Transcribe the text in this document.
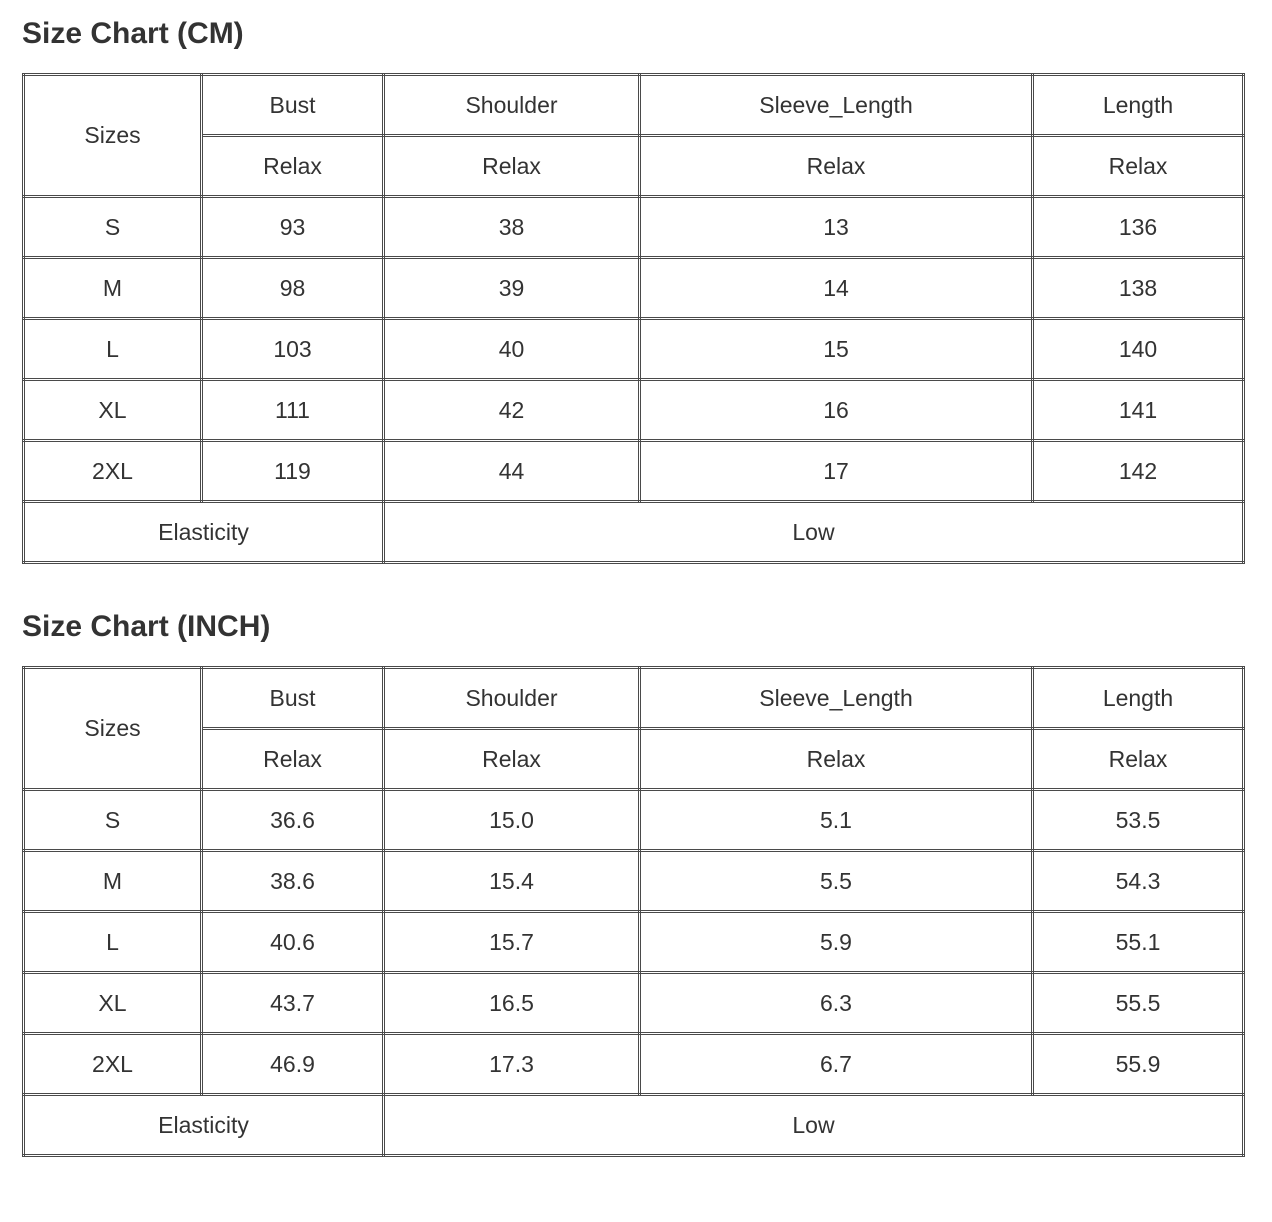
Size Chart (CM)
Sizes	Bust	Shoulder	Sleeve_Length	Length
	Relax	Relax	Relax	Relax
S	93	38	13	136
M	98	39	14	138
L	103	40	15	140
XL	111	42	16	141
2XL	119	44	17	142
Elasticity		Low		
Size Chart (INCH)
Sizes	Bust	Shoulder	Sleeve_Length	Length
	Relax	Relax	Relax	Relax
S	36.6	15.0	5.1	53.5
M	38.6	15.4	5.5	54.3
L	40.6	15.7	5.9	55.1
XL	43.7	16.5	6.3	55.5
2XL	46.9	17.3	6.7	55.9
Elasticity		Low		
